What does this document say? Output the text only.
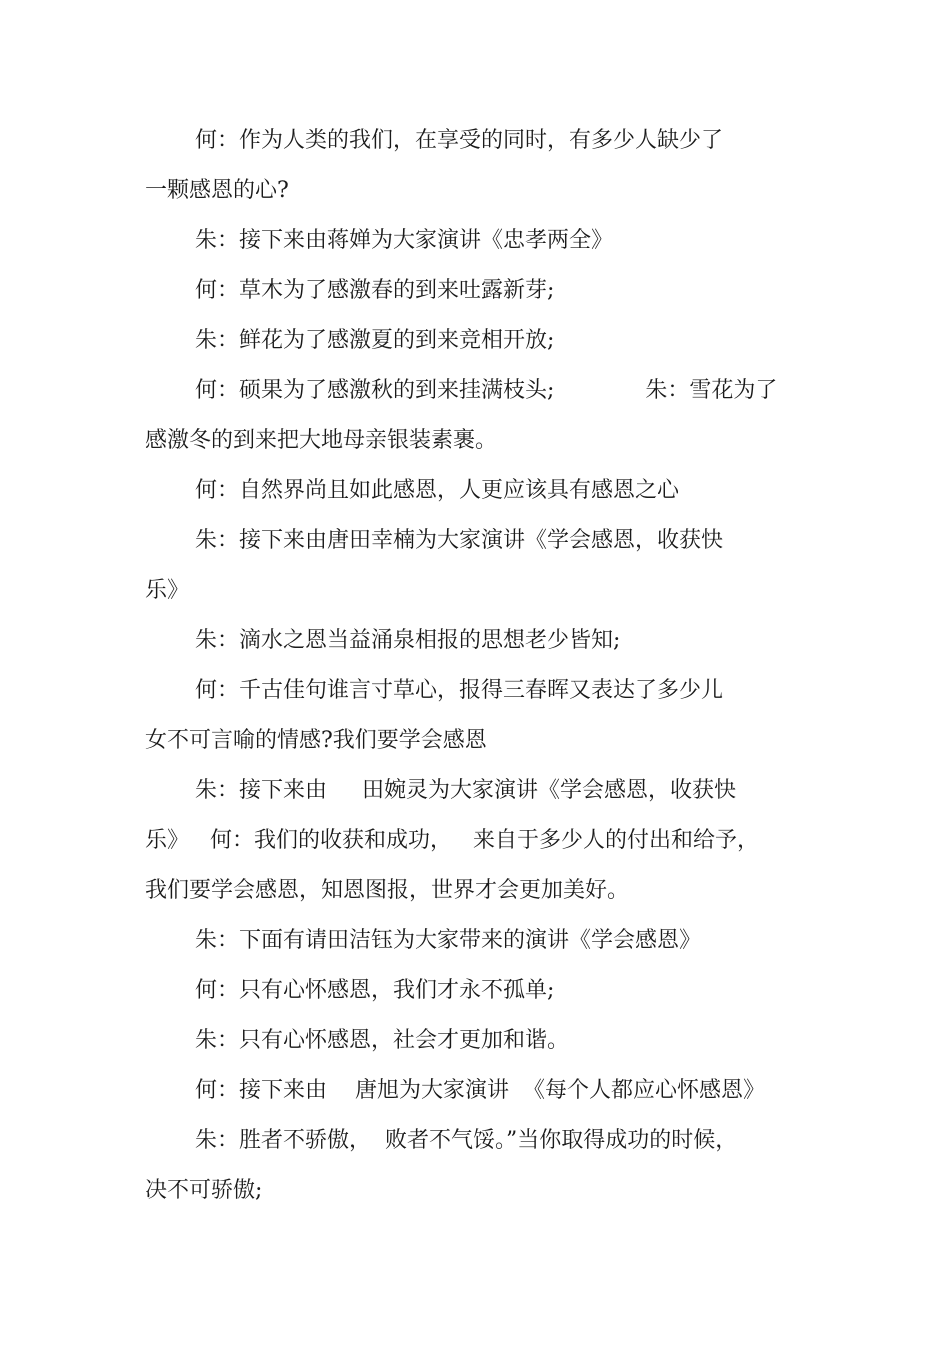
何：作为人类的我们，在享受的同时，有多少人缺少了
一颗感恩的心?
朱：接下来由蒋婵为大家演讲《忠孝两全》
何：草木为了感激春的到来吐露新芽;
朱：鲜花为了感激夏的到来竞相开放;
何：硕果为了感激秋的到来挂满枝头;             朱：雪花为了
感激冬的到来把大地母亲银装素裹。
何：自然界尚且如此感恩，人更应该具有感恩之心
朱：接下来由唐田幸楠为大家演讲《学会感恩，收获快
乐》
朱：滴水之恩当益涌泉相报的思想老少皆知;
何：千古佳句谁言寸草心，报得三春晖又表达了多少儿
女不可言喻的情感?我们要学会感恩
朱：接下来由     田婉灵为大家演讲《学会感恩，收获快
乐》   何：我们的收获和成功，   来自于多少人的付出和给予，
我们要学会感恩，知恩图报，世界才会更加美好。
朱：下面有请田洁钰为大家带来的演讲《学会感恩》
何：只有心怀感恩，我们才永不孤单;
朱：只有心怀感恩，社会才更加和谐。
何：接下来由    唐旭为大家演讲  《每个人都应心怀感恩》
朱：胜者不骄傲，  败者不气馁。”当你取得成功的时候，
决不可骄傲;
